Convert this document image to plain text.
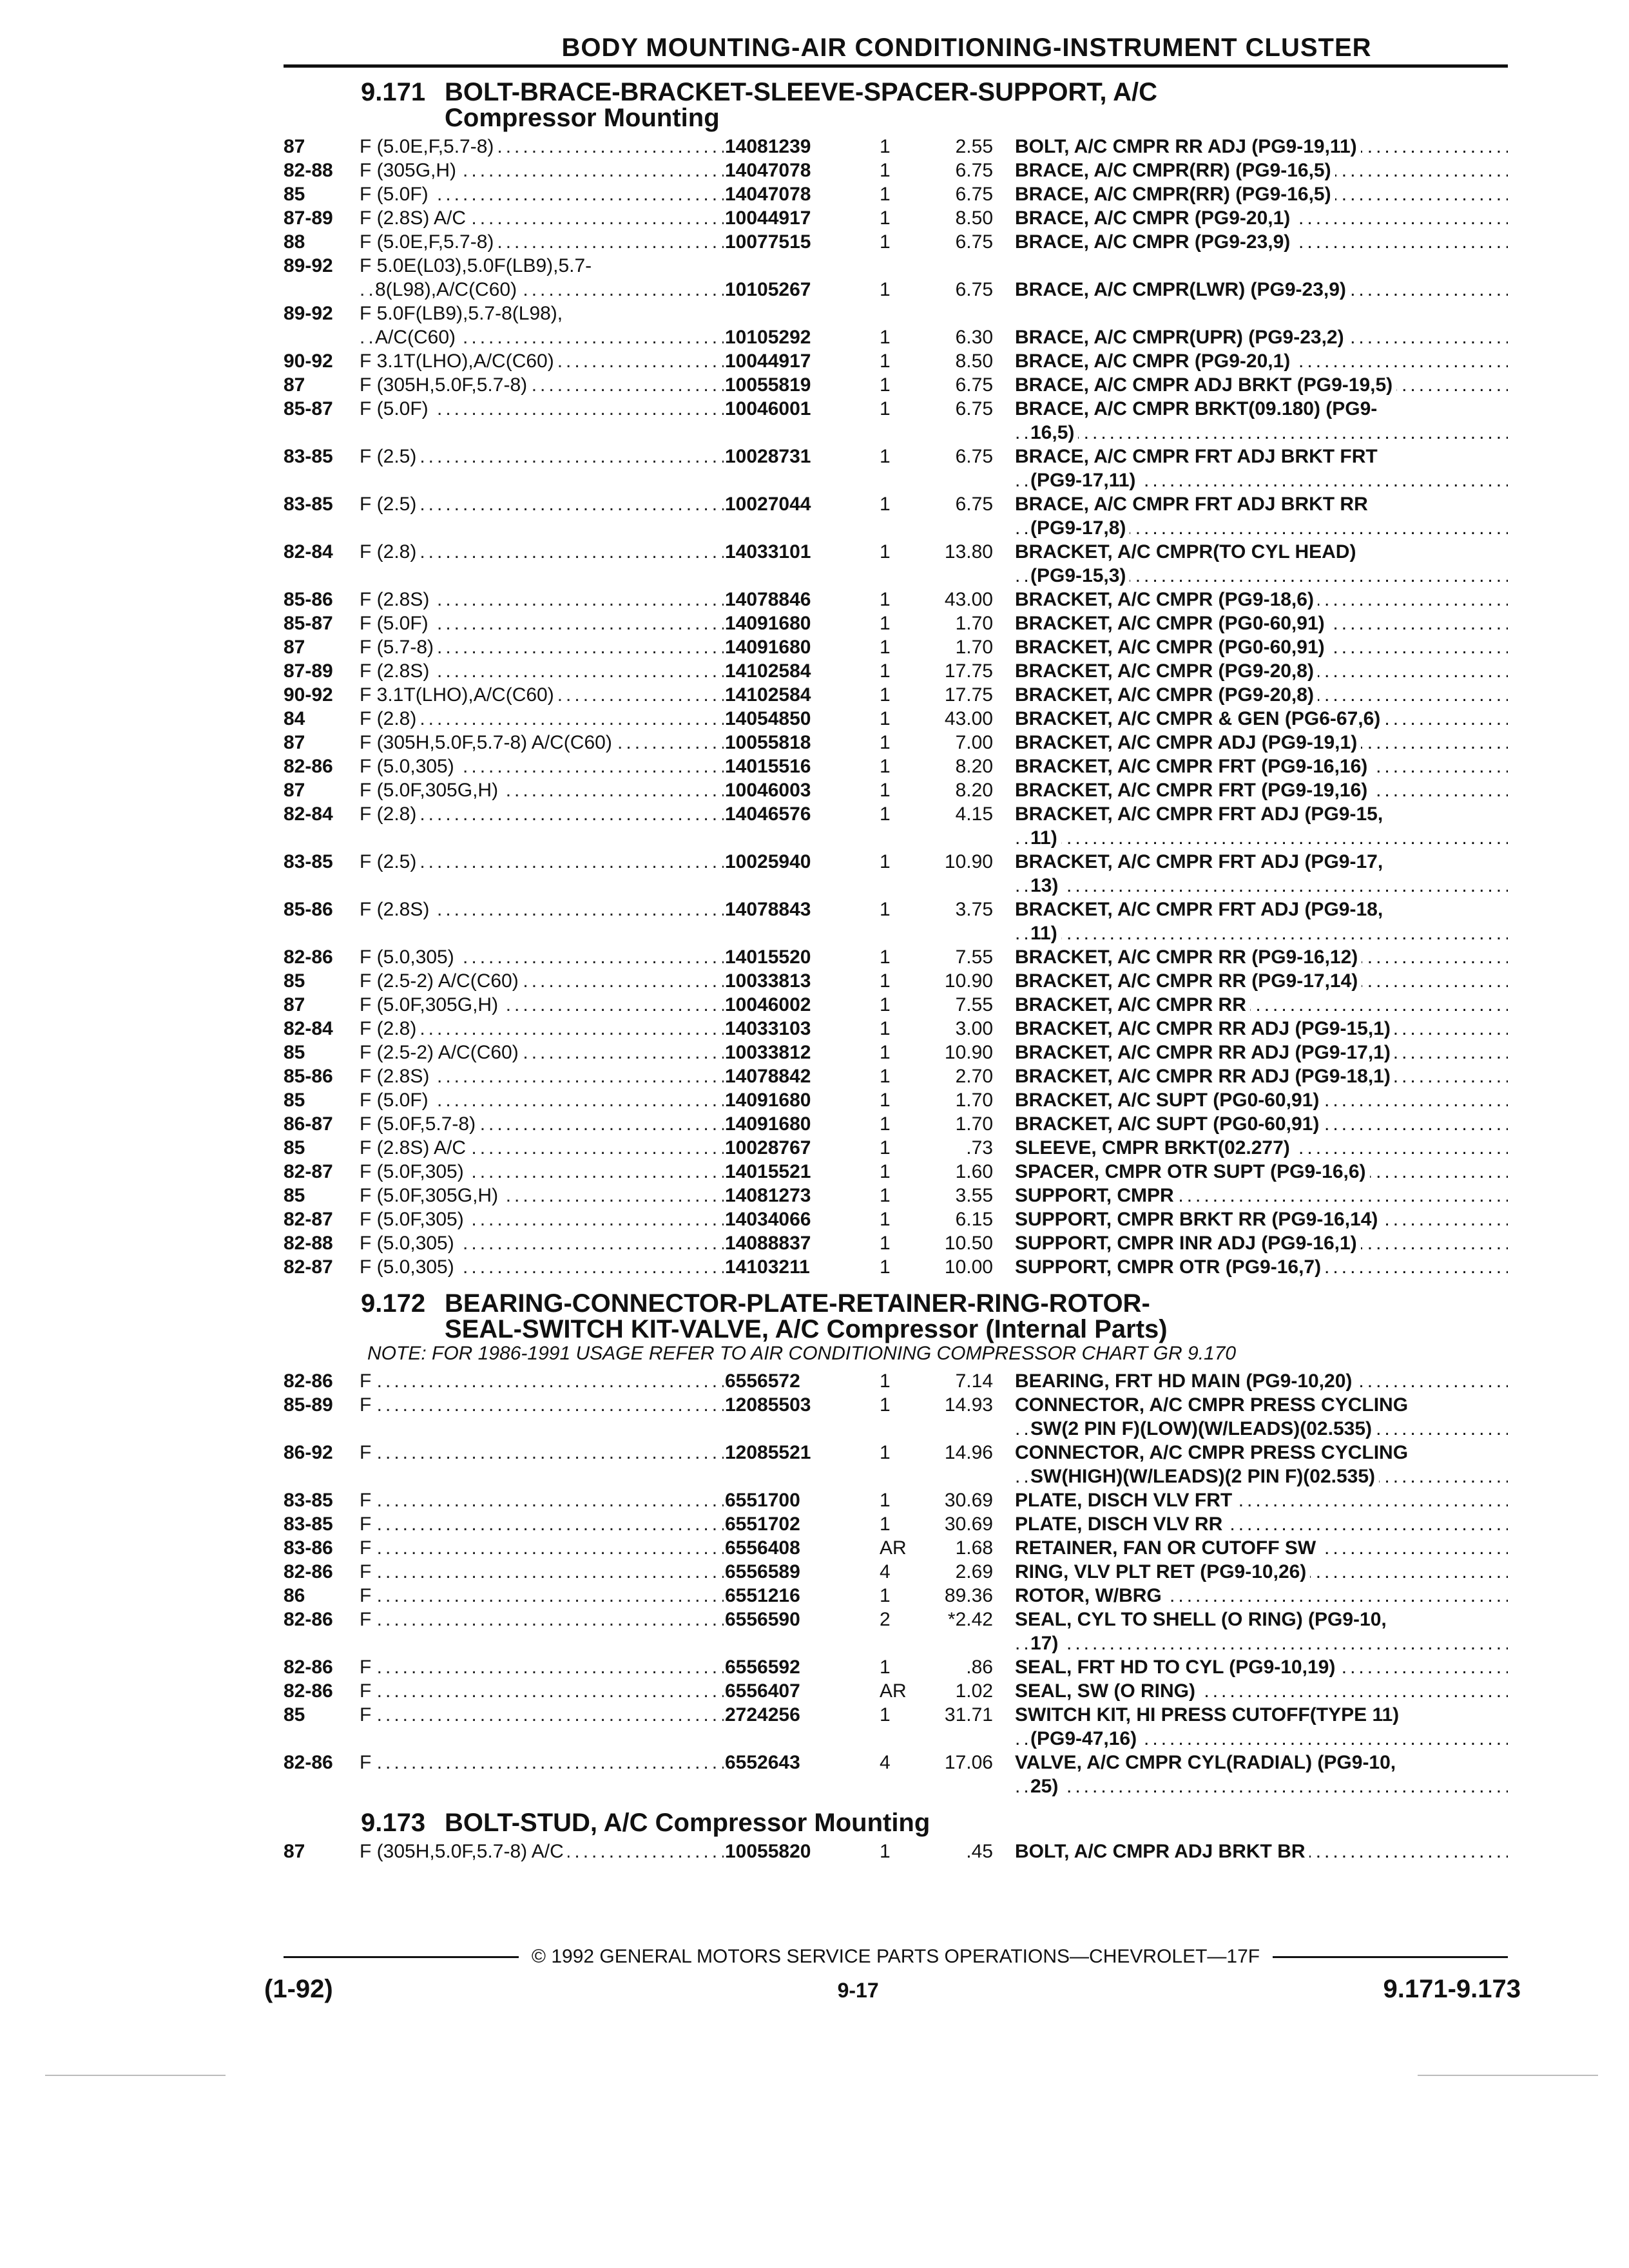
BODY MOUNTING-AIR CONDITIONING-INSTRUMENT CLUSTER
9.171 BOLT-BRACE-BRACKET-SLEEVE-SPACER-SUPPORT, A/C
Compressor Mounting
87	F (5.0E,F,5.7-8) .....	14081239	1	2.55	BOLT, A/C CMPR RR ADJ (PG9-19,11) .....
82-88	F (305G,H) .....	14047078	1	6.75	BRACE, A/C CMPR(RR) (PG9-16,5) .....
85	F (5.0F) .....	14047078	1	6.75	BRACE, A/C CMPR(RR) (PG9-16,5) .....
87-89	F (2.8S) A/C .....	10044917	1	8.50	BRACE, A/C CMPR (PG9-20,1) .....
88	F (5.0E,F,5.7-8) .....	10077515	1	6.75	BRACE, A/C CMPR (PG9-23,9) .....
89-92	F 5.0E(L03),5.0F(LB9),5.7-
8(L98),A/C(C60) .....	10105267	1	6.75	BRACE, A/C CMPR(LWR) (PG9-23,9) .....
89-92	F 5.0F(LB9),5.7-8(L98),
A/C(C60) .....	10105292	1	6.30	BRACE, A/C CMPR(UPR) (PG9-23,2) .....
90-92	F 3.1T(LHO),A/C(C60) .....	10044917	1	8.50	BRACE, A/C CMPR (PG9-20,1) .....
87	F (305H,5.0F,5.7-8) .....	10055819	1	6.75	BRACE, A/C CMPR ADJ BRKT (PG9-19,5) .....
85-87	F (5.0F) .....	10046001	1	6.75	BRACE, A/C CMPR BRKT(09.180) (PG9-
16,5) .....
83-85	F (2.5) .....	10028731	1	6.75	BRACE, A/C CMPR FRT ADJ BRKT FRT
(PG9-17,11) .....
83-85	F (2.5) .....	10027044	1	6.75	BRACE, A/C CMPR FRT ADJ BRKT RR
(PG9-17,8) .....
82-84	F (2.8) .....	14033101	1	13.80	BRACKET, A/C CMPR(TO CYL HEAD)
(PG9-15,3) .....
85-86	F (2.8S) .....	14078846	1	43.00	BRACKET, A/C CMPR (PG9-18,6) .....
85-87	F (5.0F) .....	14091680	1	1.70	BRACKET, A/C CMPR (PG0-60,91) .....
87	F (5.7-8) .....	14091680	1	1.70	BRACKET, A/C CMPR (PG0-60,91) .....
87-89	F (2.8S) .....	14102584	1	17.75	BRACKET, A/C CMPR (PG9-20,8) .....
90-92	F 3.1T(LHO),A/C(C60) .....	14102584	1	17.75	BRACKET, A/C CMPR (PG9-20,8) .....
84	F (2.8) .....	14054850	1	43.00	BRACKET, A/C CMPR & GEN (PG6-67,6) .....
87	F (305H,5.0F,5.7-8) A/C(C60) .....	10055818	1	7.00	BRACKET, A/C CMPR ADJ (PG9-19,1) .....
82-86	F (5.0,305) .....	14015516	1	8.20	BRACKET, A/C CMPR FRT (PG9-16,16) .....
87	F (5.0F,305G,H) .....	10046003	1	8.20	BRACKET, A/C CMPR FRT (PG9-19,16) .....
82-84	F (2.8) .....	14046576	1	4.15	BRACKET, A/C CMPR FRT ADJ (PG9-15,
11) .....
83-85	F (2.5) .....	10025940	1	10.90	BRACKET, A/C CMPR FRT ADJ (PG9-17,
13) .....
85-86	F (2.8S) .....	14078843	1	3.75	BRACKET, A/C CMPR FRT ADJ (PG9-18,
11) .....
82-86	F (5.0,305) .....	14015520	1	7.55	BRACKET, A/C CMPR RR (PG9-16,12) .....
85	F (2.5-2) A/C(C60) .....	10033813	1	10.90	BRACKET, A/C CMPR RR (PG9-17,14) .....
87	F (5.0F,305G,H) .....	10046002	1	7.55	BRACKET, A/C CMPR RR .....
82-84	F (2.8) .....	14033103	1	3.00	BRACKET, A/C CMPR RR ADJ (PG9-15,1) .....
85	F (2.5-2) A/C(C60) .....	10033812	1	10.90	BRACKET, A/C CMPR RR ADJ (PG9-17,1) .....
85-86	F (2.8S) .....	14078842	1	2.70	BRACKET, A/C CMPR RR ADJ (PG9-18,1) .....
85	F (5.0F) .....	14091680	1	1.70	BRACKET, A/C SUPT (PG0-60,91) .....
86-87	F (5.0F,5.7-8) .....	14091680	1	1.70	BRACKET, A/C SUPT (PG0-60,91) .....
85	F (2.8S) A/C .....	10028767	1	.73	SLEEVE, CMPR BRKT(02.277) .....
82-87	F (5.0F,305) .....	14015521	1	1.60	SPACER, CMPR OTR SUPT (PG9-16,6) .....
85	F (5.0F,305G,H) .....	14081273	1	3.55	SUPPORT, CMPR .....
82-87	F (5.0F,305) .....	14034066	1	6.15	SUPPORT, CMPR BRKT RR (PG9-16,14) .....
82-88	F (5.0,305) .....	14088837	1	10.50	SUPPORT, CMPR INR ADJ (PG9-16,1) .....
82-87	F (5.0,305) .....	14103211	1	10.00	SUPPORT, CMPR OTR (PG9-16,7) .....
9.172 BEARING-CONNECTOR-PLATE-RETAINER-RING-ROTOR-
SEAL-SWITCH KIT-VALVE, A/C Compressor (Internal Parts)
NOTE: FOR 1986-1991 USAGE REFER TO AIR CONDITIONING COMPRESSOR CHART GR 9.170
82-86	F .....	6556572	1	7.14	BEARING, FRT HD MAIN (PG9-10,20) .....
85-89	F .....	12085503	1	14.93	CONNECTOR, A/C CMPR PRESS CYCLING
SW(2 PIN F)(LOW)(W/LEADS)(02.535) .....
86-92	F .....	12085521	1	14.96	CONNECTOR, A/C CMPR PRESS CYCLING
SW(HIGH)(W/LEADS)(2 PIN F)(02.535) .....
83-85	F .....	6551700	1	30.69	PLATE, DISCH VLV FRT .....
83-85	F .....	6551702	1	30.69	PLATE, DISCH VLV RR .....
83-86	F .....	6556408	AR	1.68	RETAINER, FAN OR CUTOFF SW .....
82-86	F .....	6556589	4	2.69	RING, VLV PLT RET (PG9-10,26) .....
86	F .....	6551216	1	89.36	ROTOR, W/BRG .....
82-86	F .....	6556590	2	*2.42	SEAL, CYL TO SHELL (O RING) (PG9-10,
17) .....
82-86	F .....	6556592	1	.86	SEAL, FRT HD TO CYL (PG9-10,19) .....
82-86	F .....	6556407	AR	1.02	SEAL, SW (O RING) .....
85	F .....	2724256	1	31.71	SWITCH KIT, HI PRESS CUTOFF(TYPE 11)
(PG9-47,16) .....
82-86	F .....	6552643	4	17.06	VALVE, A/C CMPR CYL(RADIAL) (PG9-10,
25) .....
9.173 BOLT-STUD, A/C Compressor Mounting
87	F (305H,5.0F,5.7-8) A/C .....	10055820	1	.45	BOLT, A/C CMPR ADJ BRKT BR .....
© 1992 GENERAL MOTORS SERVICE PARTS OPERATIONS—CHEVROLET—17F
(1-92)	9-17	9.171-9.173
